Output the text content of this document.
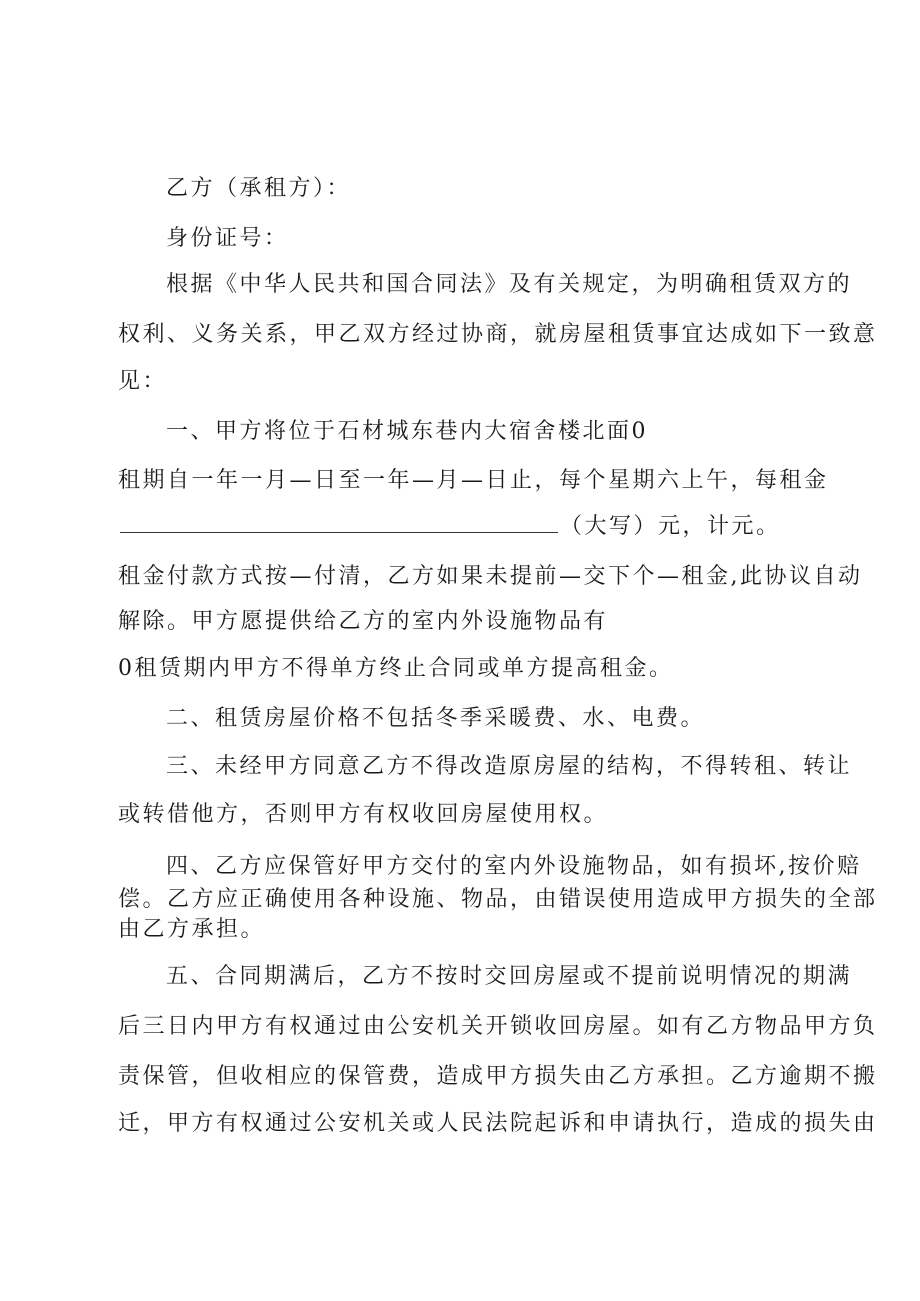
乙方（承租方）：
身份证号：
根据《中华人民共和国合同法》及有关规定，为明确租赁双方的
权利、义务关系，甲乙双方经过协商，就房屋租赁事宜达成如下一致意
见：
一、甲方将位于石材城东巷内大宿舍楼北面0
租期自一年一月—日至一年—月—日止，每个星期六上午，每租金
（大写）元，计元。
租金付款方式按—付清，乙方如果未提前—交下个—租金,此协议自动
解除。甲方愿提供给乙方的室内外设施物品有
0租赁期内甲方不得单方终止合同或单方提高租金。
二、租赁房屋价格不包括冬季采暖费、水、电费。
三、未经甲方同意乙方不得改造原房屋的结构，不得转租、转让
或转借他方，否则甲方有权收回房屋使用权。
四、乙方应保管好甲方交付的室内外设施物品，如有损坏,按价赔
偿。乙方应正确使用各种设施、物品，由错误使用造成甲方损失的全部
由乙方承担。
五、合同期满后，乙方不按时交回房屋或不提前说明情况的期满
后三日内甲方有权通过由公安机关开锁收回房屋。如有乙方物品甲方负
责保管，但收相应的保管费，造成甲方损失由乙方承担。乙方逾期不搬
迁，甲方有权通过公安机关或人民法院起诉和申请执行，造成的损失由
